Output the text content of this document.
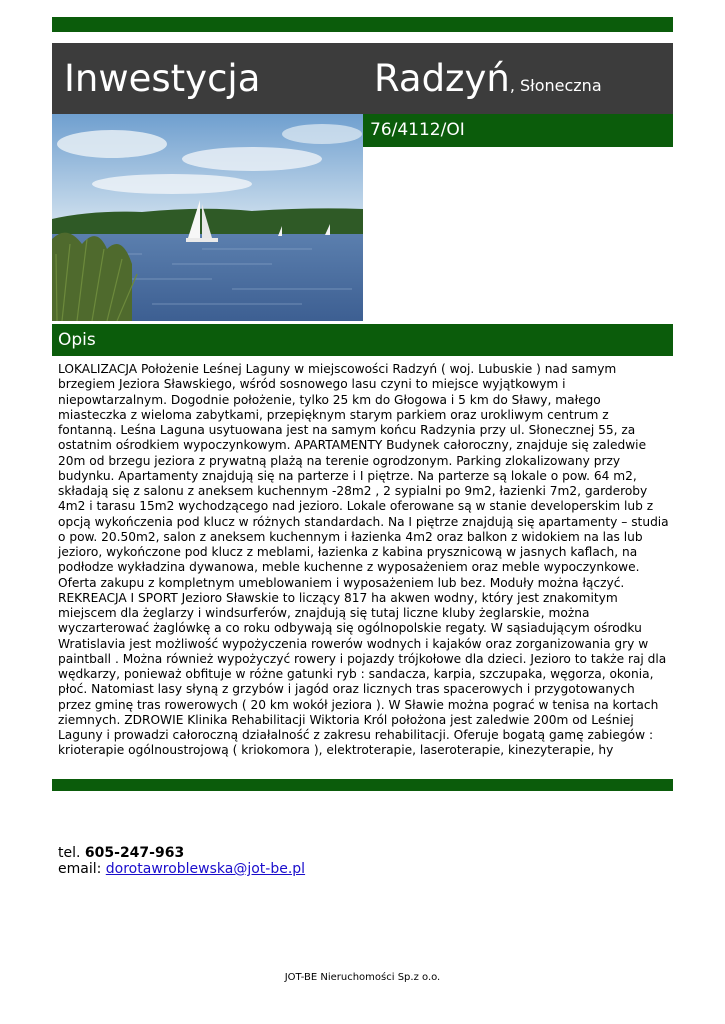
Inwestycja	Radzyń, Słoneczna
76/4112/OI
Opis
LOKALIZACJA Położenie Leśnej Laguny w miejscowości Radzyń ( woj. Lubuskie ) nad samym brzegiem Jeziora Sławskiego, wśród sosnowego lasu czyni to miejsce wyjątkowym i niepowtarzalnym. Dogodnie położenie, tylko 25 km do Głogowa i 5 km do Sławy, małego miasteczka z wieloma zabytkami, przepięknym starym parkiem oraz urokliwym centrum z fontanną. Leśna Laguna usytuowana jest na samym końcu Radzynia przy ul. Słonecznej 55, za ostatnim ośrodkiem wypoczynkowym. APARTAMENTY Budynek całoroczny, znajduje się zaledwie 20m od brzegu jeziora z prywatną plażą na terenie ogrodzonym. Parking zlokalizowany przy budynku. Apartamenty znajdują się na parterze i I piętrze. Na parterze są lokale o pow. 64 m2, składają się z salonu z aneksem kuchennym -28m2 , 2 sypialni po 9m2, łazienki 7m2, garderoby 4m2 i tarasu 15m2 wychodzącego nad jezioro. Lokale oferowane są w stanie developerskim lub z opcją wykończenia pod klucz w różnych standardach. Na I piętrze znajdują się apartamenty – studia o pow. 20.50m2, salon z aneksem kuchennym i łazienka 4m2 oraz balkon z widokiem na las lub jezioro, wykończone pod klucz z meblami, łazienka z kabina prysznicową w jasnych kaflach, na podłodze wykładzina dywanowa, meble kuchenne z wyposażeniem oraz meble wypoczynkowe. Oferta zakupu z kompletnym umeblowaniem i wyposażeniem lub bez. Moduły można łączyć. REKREACJA I SPORT Jezioro Sławskie to liczący 817 ha akwen wodny, który jest znakomitym miejscem dla żeglarzy i windsurferów, znajdują się tutaj liczne kluby żeglarskie, można wyczarterować żaglówkę a co roku odbywają się ogólnopolskie regaty. W sąsiadującym ośrodku Wratislavia jest możliwość wypożyczenia rowerów wodnych i kajaków oraz zorganizowania gry w paintball . Można również wypożyczyć rowery i pojazdy trójkołowe dla dzieci. Jezioro to także raj dla wędkarzy, ponieważ obfituje w różne gatunki ryb : sandacza, karpia, szczupaka, węgorza, okonia, płoć. Natomiast lasy słyną z grzybów i jagód oraz licznych tras spacerowych i przygotowanych przez gminę tras rowerowych ( 20 km wokół jeziora ). W Sławie można pograć w tenisa na kortach ziemnych. ZDROWIE Klinika Rehabilitacji Wiktoria Król położona jest zaledwie 200m od Leśniej Laguny i prowadzi całoroczną działalność z zakresu rehabilitacji. Oferuje bogatą gamę zabiegów : krioterapie ogólnoustrojową ( kriokomora ), elektroterapie, laseroterapie, kinezyterapie, hy
tel. 605-247-963
email: dorotawroblewska@jot-be.pl
JOT-BE Nieruchomości Sp.z o.o.
